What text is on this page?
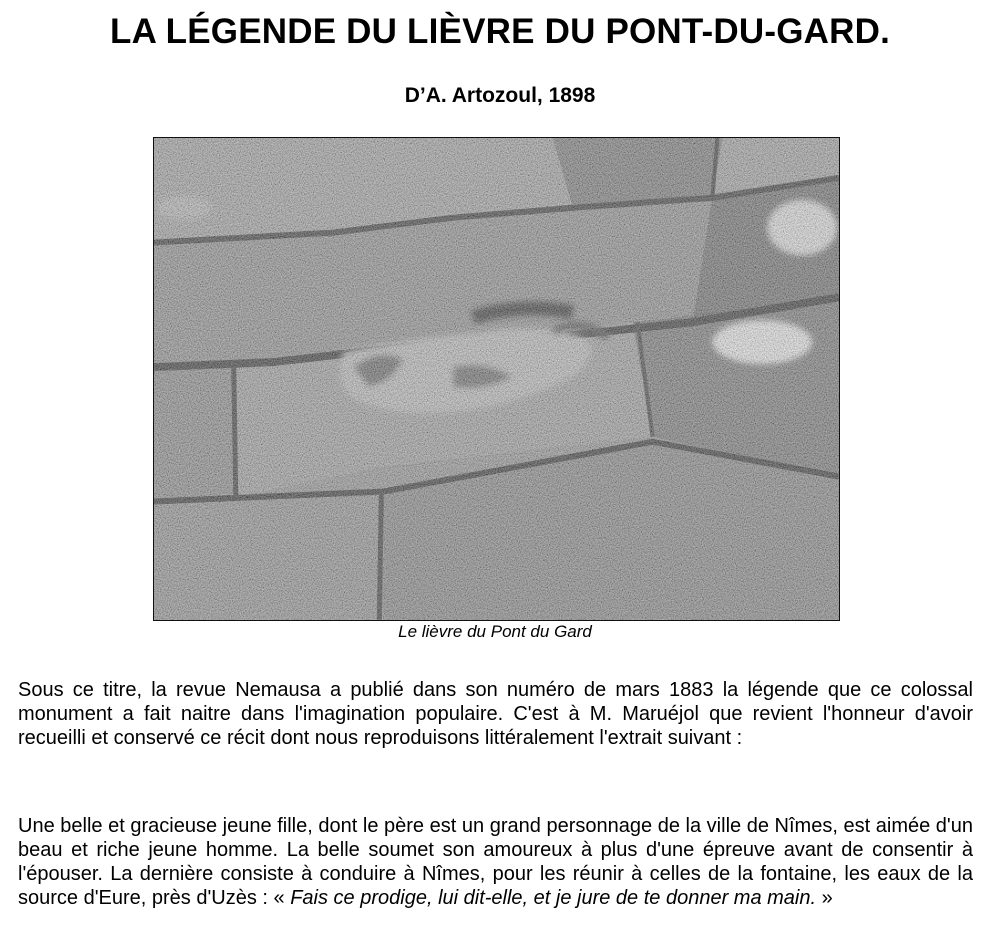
LA LÉGENDE DU LIÈVRE DU PONT-DU-GARD.
D’A. Artozoul, 1898
Le lièvre du Pont du Gard

Sous ce titre, la revue Nemausa a publié dans son numéro de mars 1883 la légende que ce colossal monument a fait naitre dans l'imagination populaire. C'est à M. Maruéjol que revient l'honneur d'avoir recueilli et conservé ce récit dont nous reproduisons littéralement l'extrait suivant :

Une belle et gracieuse jeune fille, dont le père est un grand personnage de la ville de Nîmes, est aimée d'un beau et riche jeune homme. La belle soumet son amoureux à plus d'une épreuve avant de consentir à l'épouser. La dernière consiste à conduire à Nîmes, pour les réunir à celles de la fontaine, les eaux de la source d'Eure, près d'Uzès : « Fais ce prodige, lui dit-elle, et je jure de te donner ma main. »
